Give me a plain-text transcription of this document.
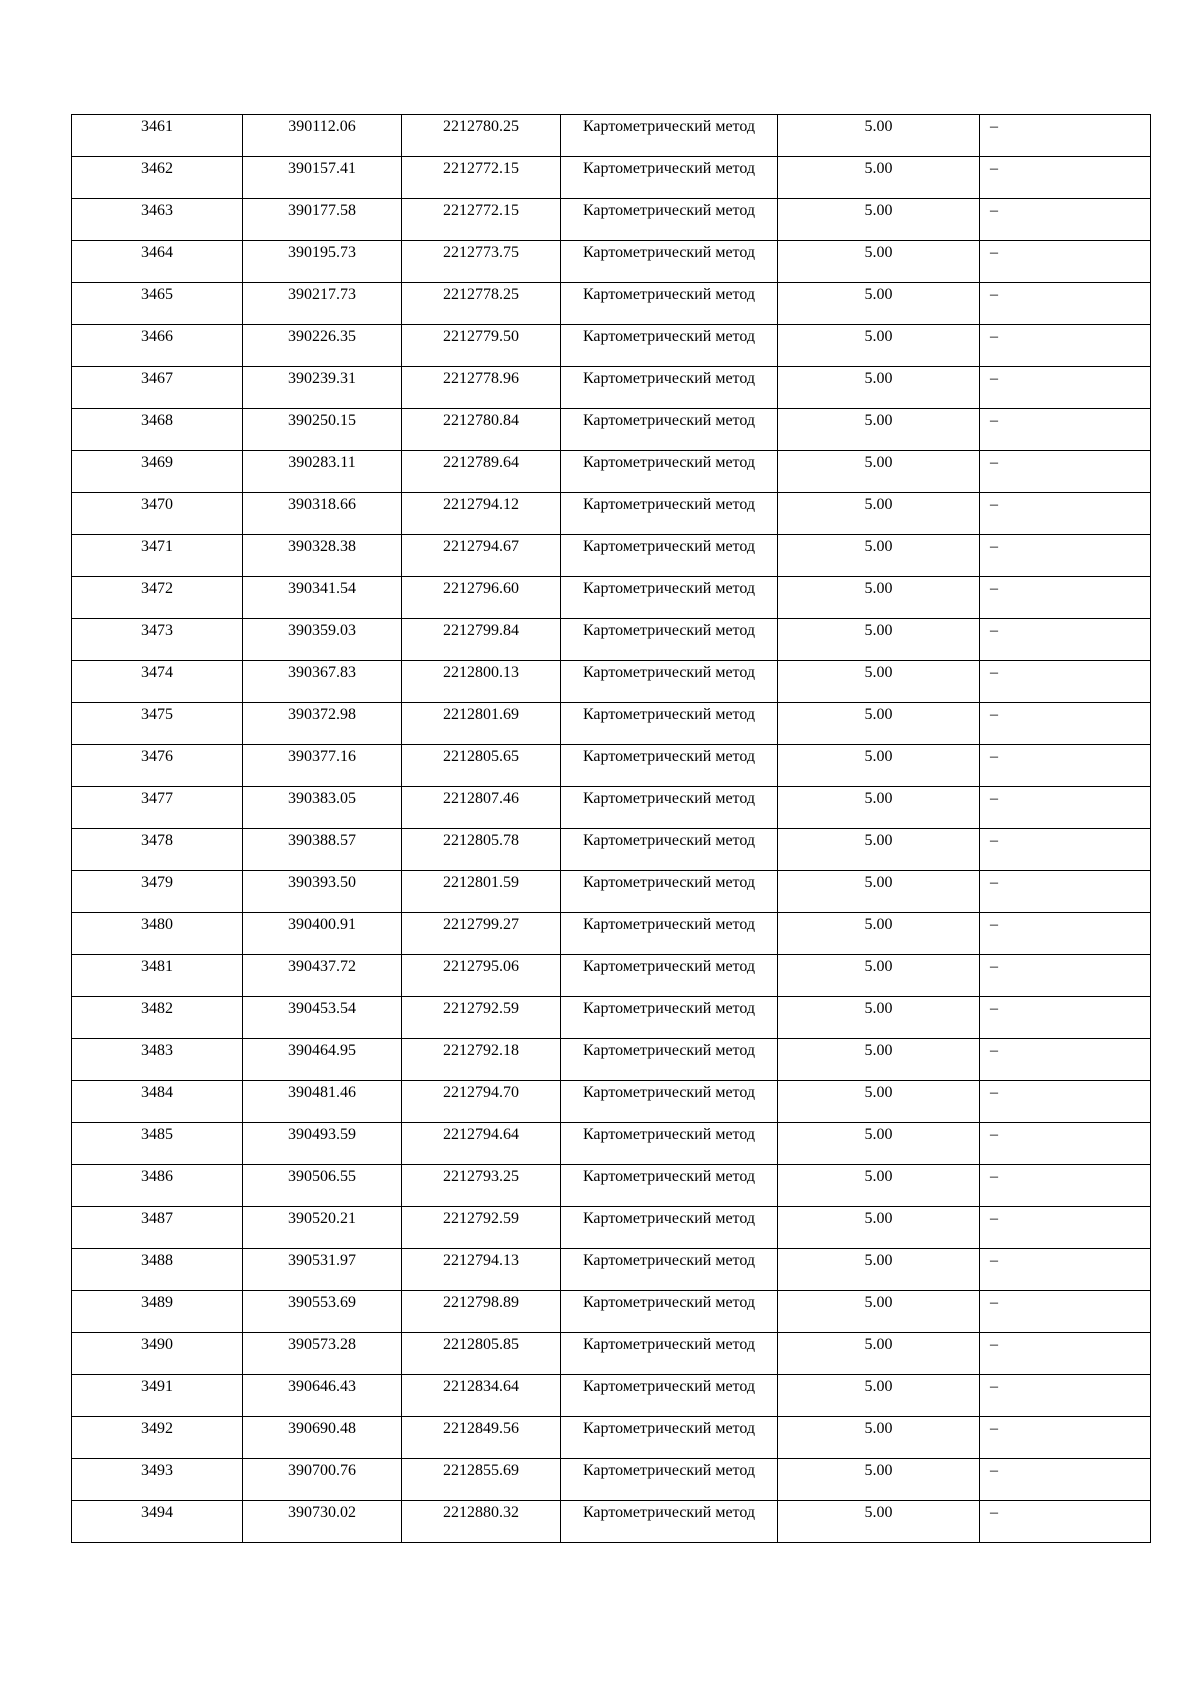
3461	390112.06	2212780.25	Картометрический метод	5.00	–
3462	390157.41	2212772.15	Картометрический метод	5.00	–
3463	390177.58	2212772.15	Картометрический метод	5.00	–
3464	390195.73	2212773.75	Картометрический метод	5.00	–
3465	390217.73	2212778.25	Картометрический метод	5.00	–
3466	390226.35	2212779.50	Картометрический метод	5.00	–
3467	390239.31	2212778.96	Картометрический метод	5.00	–
3468	390250.15	2212780.84	Картометрический метод	5.00	–
3469	390283.11	2212789.64	Картометрический метод	5.00	–
3470	390318.66	2212794.12	Картометрический метод	5.00	–
3471	390328.38	2212794.67	Картометрический метод	5.00	–
3472	390341.54	2212796.60	Картометрический метод	5.00	–
3473	390359.03	2212799.84	Картометрический метод	5.00	–
3474	390367.83	2212800.13	Картометрический метод	5.00	–
3475	390372.98	2212801.69	Картометрический метод	5.00	–
3476	390377.16	2212805.65	Картометрический метод	5.00	–
3477	390383.05	2212807.46	Картометрический метод	5.00	–
3478	390388.57	2212805.78	Картометрический метод	5.00	–
3479	390393.50	2212801.59	Картометрический метод	5.00	–
3480	390400.91	2212799.27	Картометрический метод	5.00	–
3481	390437.72	2212795.06	Картометрический метод	5.00	–
3482	390453.54	2212792.59	Картометрический метод	5.00	–
3483	390464.95	2212792.18	Картометрический метод	5.00	–
3484	390481.46	2212794.70	Картометрический метод	5.00	–
3485	390493.59	2212794.64	Картометрический метод	5.00	–
3486	390506.55	2212793.25	Картометрический метод	5.00	–
3487	390520.21	2212792.59	Картометрический метод	5.00	–
3488	390531.97	2212794.13	Картометрический метод	5.00	–
3489	390553.69	2212798.89	Картометрический метод	5.00	–
3490	390573.28	2212805.85	Картометрический метод	5.00	–
3491	390646.43	2212834.64	Картометрический метод	5.00	–
3492	390690.48	2212849.56	Картометрический метод	5.00	–
3493	390700.76	2212855.69	Картометрический метод	5.00	–
3494	390730.02	2212880.32	Картометрический метод	5.00	–
